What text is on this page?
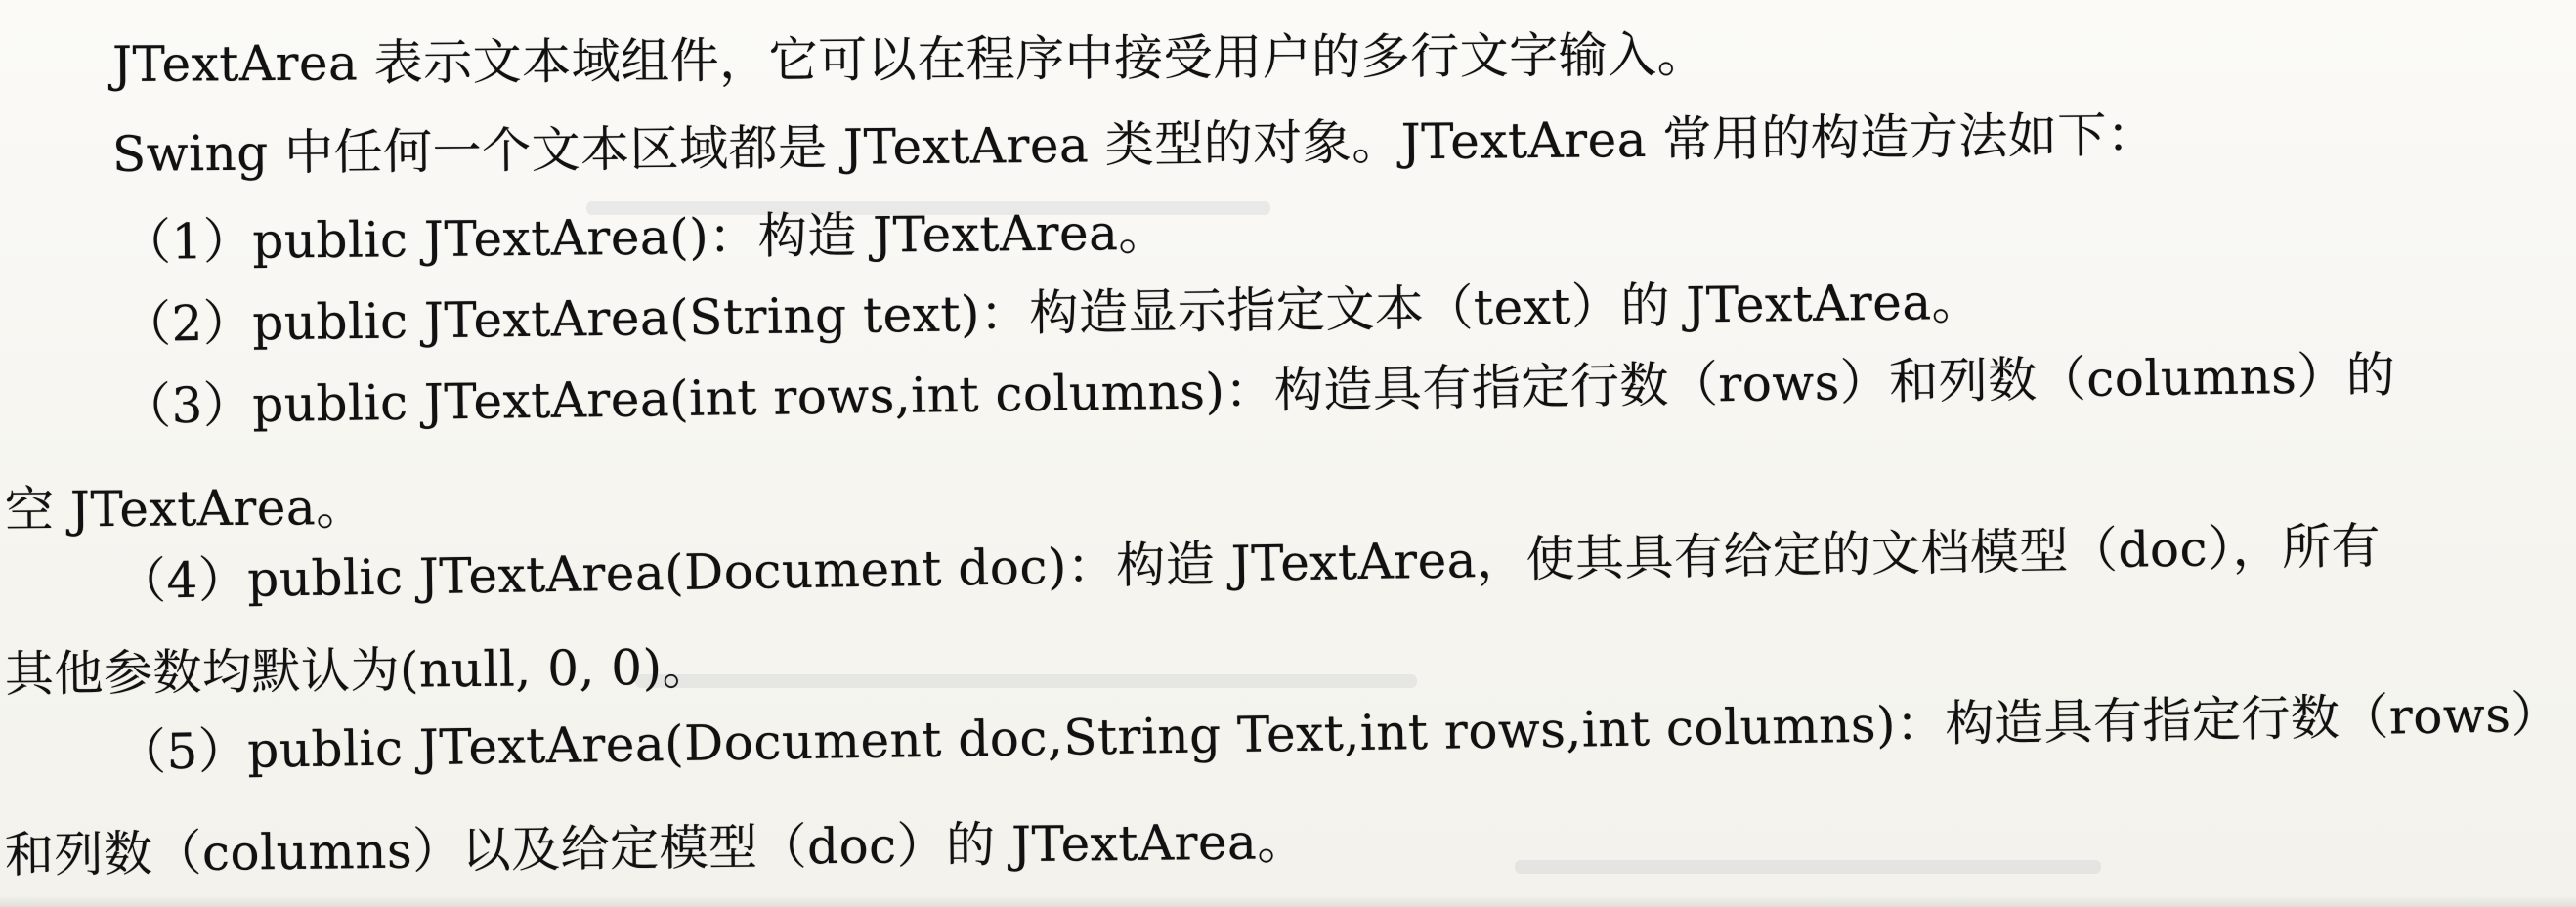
JTextArea 表示文本域组件，它可以在程序中接受用户的多行文字输入。
Swing 中任何一个文本区域都是 JTextArea 类型的对象。JTextArea 常用的构造方法如下：
（1）public JTextArea()：构造 JTextArea。
（2）public JTextArea(String text)：构造显示指定文本（text）的 JTextArea。
（3）public JTextArea(int rows,int columns)：构造具有指定行数（rows）和列数（columns）的
空 JTextArea。
（4）public JTextArea(Document doc)：构造 JTextArea，使其具有给定的文档模型（doc），所有
其他参数均默认为(null, 0, 0)。
（5）public JTextArea(Document doc,String Text,int rows,int columns)：构造具有指定行数（rows）
和列数（columns）以及给定模型（doc）的 JTextArea。
